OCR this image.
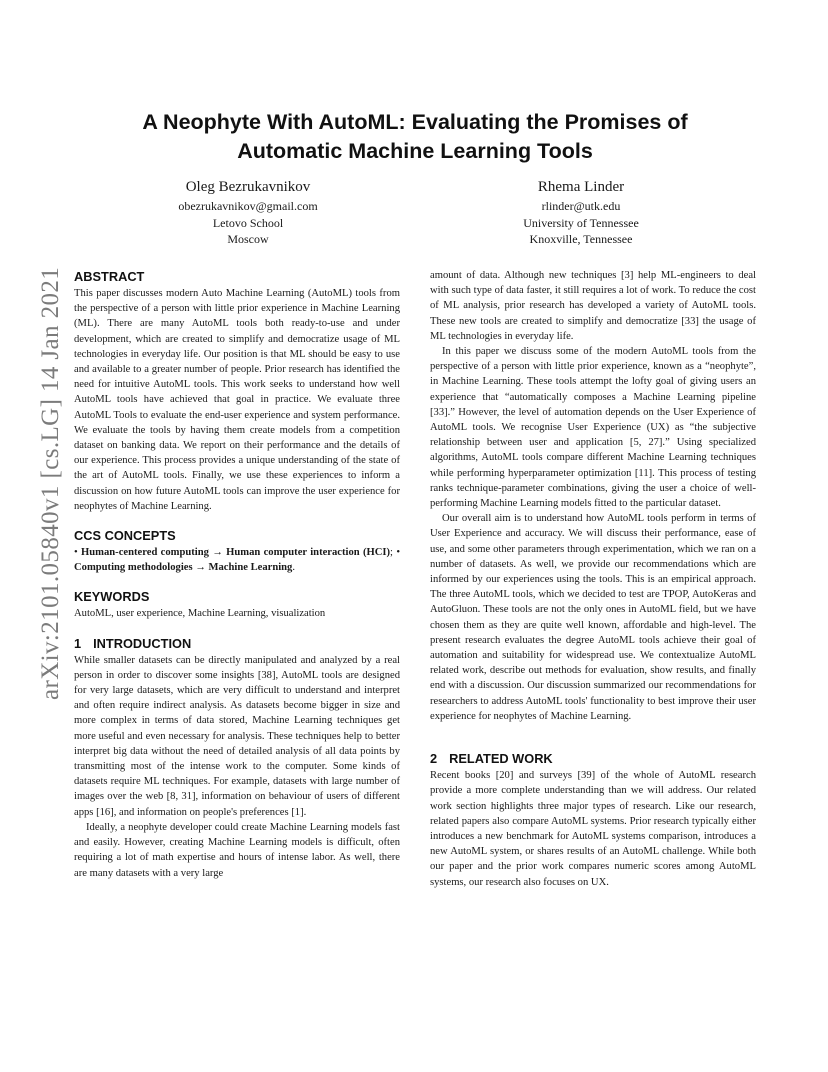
arXiv:2101.05840v1 [cs.LG] 14 Jan 2021
A Neophyte With AutoML: Evaluating the Promises of
Automatic Machine Learning Tools
Oleg Bezrukavnikov
obezrukavnikov@gmail.com
Letovo School
Moscow
Rhema Linder
rlinder@utk.edu
University of Tennessee
Knoxville, Tennessee
ABSTRACT

This paper discusses modern Auto Machine Learning (AutoML) tools from the perspective of a person with little prior experience in Machine Learning (ML). There are many AutoML tools both ready-to-use and under development, which are created to simplify and democratize usage of ML technologies in everyday life. Our position is that ML should be easy to use and available to a greater number of people. Prior research has identified the need for intuitive AutoML tools. This work seeks to understand how well AutoML tools have achieved that goal in practice. We evaluate three AutoML Tools to evaluate the end-user experience and system performance. We evaluate the tools by having them create models from a competition dataset on banking data. We report on their performance and the details of our experience. This process provides a unique understanding of the state of the art of AutoML tools. Finally, we use these experiences to inform a discussion on how future AutoML tools can improve the user experience for neophytes of Machine Learning.

CCS CONCEPTS

• Human-centered computing → Human computer interaction (HCI); • Computing methodologies → Machine Learning.

KEYWORDS

AutoML, user experience, Machine Learning, visualization

1 INTRODUCTION

While smaller datasets can be directly manipulated and analyzed by a real person in order to discover some insights [38], AutoML tools are designed for very large datasets, which are very difficult to understand and interpret and often require indirect analysis. As datasets become bigger in size and more complex in terms of data stored, Machine Learning techniques get more useful and even necessary for analysis. These techniques help to better interpret big data without the need of detailed analysis of all data points by transmitting most of the intense work to the computer. Some kinds of datasets require ML techniques. For example, datasets with large number of images over the web [8, 31], information on behaviour of users of different apps [16], and information on people's preferences [1].

Ideally, a neophyte developer could create Machine Learning models fast and easily. However, creating Machine Learning models is difficult, often requiring a lot of math expertise and hours of intense labor. As well, there are many datasets with a very large

amount of data. Although new techniques [3] help ML-engineers to deal with such type of data faster, it still requires a lot of work. To reduce the cost of ML analysis, prior research has developed a variety of AutoML tools. These new tools are created to simplify and democratize [33] the usage of ML technologies in everyday life.

In this paper we discuss some of the modern AutoML tools from the perspective of a person with little prior experience, known as a “neophyte”, in Machine Learning. These tools attempt the lofty goal of giving users an experience that “automatically composes a Machine Learning pipeline [33].” However, the level of automation depends on the User Experience of AutoML tools. We recognise User Experience (UX) as “the subjective relationship between user and application [5, 27].” Using specialized algorithms, AutoML tools compare different Machine Learning techniques while performing hyperparameter optimization [11]. This process of testing ranks technique-parameter combinations, giving the user a choice of well-performing Machine Learning models fitted to the particular dataset.

Our overall aim is to understand how AutoML tools perform in terms of User Experience and accuracy. We will discuss their performance, ease of use, and some other parameters through experimentation, which we ran on a number of datasets. As well, we provide our recommendations which are informed by our experiences using the tools. This is an empirical approach. The three AutoML tools, which we decided to test are TPOP, AutoKeras and AutoGluon. These tools are not the only ones in AutoML field, but we have chosen them as they are quite well known, affordable and high-level. The present research evaluates the degree AutoML tools achieve their goal of automation and suitability for widespread use. We contextualize AutoML related work, describe out methods for evaluation, show results, and finally end with a discussion. Our discussion summarized our recommendations for researchers to address AutoML tools' functionality to best improve their user experience for neophytes of Machine Learning.

2 RELATED WORK

Recent books [20] and surveys [39] of the whole of AutoML research provide a more complete understanding than we will address. Our related work section highlights three major types of research. Like our research, related papers also compare AutoML systems. Prior research typically either introduces a new benchmark for AutoML systems comparison, introduces a new AutoML system, or shares results of an AutoML challenge. While both our paper and the prior work compares numeric scores among AutoML systems, our research also focuses on UX.
